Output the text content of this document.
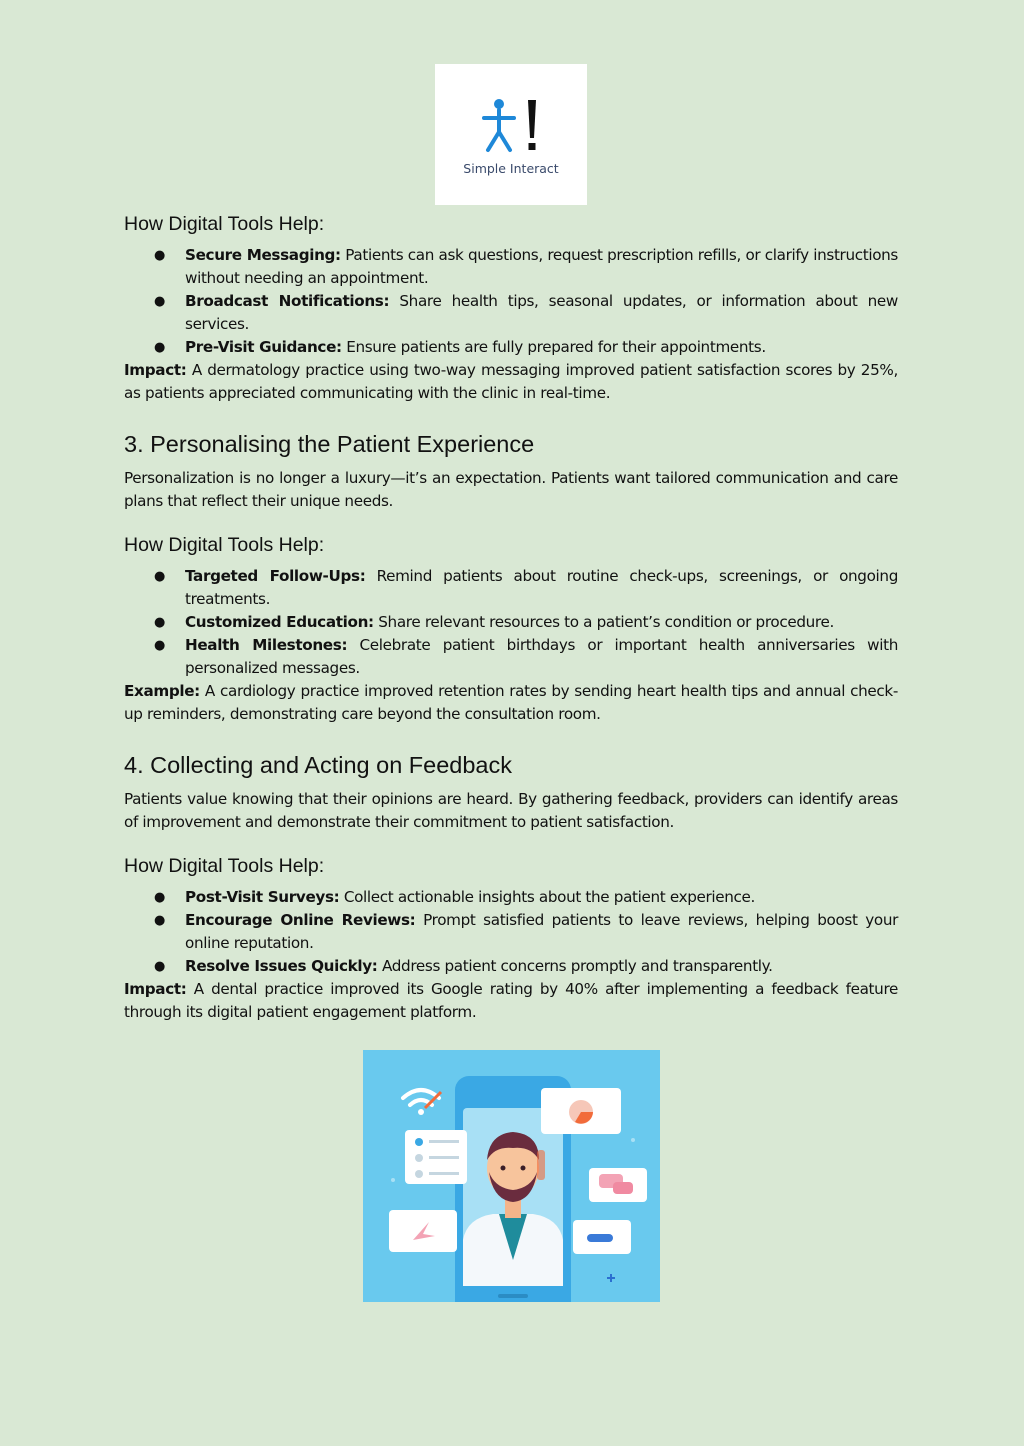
Simple Interact
How Digital Tools Help:
● Secure Messaging: Patients can ask questions, request prescription refills, or clarify instructions without needing an appointment.
● Broadcast Notifications: Share health tips, seasonal updates, or information about new services.
● Pre-Visit Guidance: Ensure patients are fully prepared for their appointments.

Impact: A dermatology practice using two-way messaging improved patient satisfaction scores by 25%, as patients appreciated communicating with the clinic in real-time.

3. Personalising the Patient Experience

Personalization is no longer a luxury—it’s an expectation. Patients want tailored communication and care plans that reflect their unique needs.

How Digital Tools Help:
● Targeted Follow-Ups: Remind patients about routine check-ups, screenings, or ongoing treatments.
● Customized Education: Share relevant resources to a patient’s condition or procedure.
● Health Milestones: Celebrate patient birthdays or important health anniversaries with personalized messages.

Example: A cardiology practice improved retention rates by sending heart health tips and annual check-up reminders, demonstrating care beyond the consultation room.

4. Collecting and Acting on Feedback

Patients value knowing that their opinions are heard. By gathering feedback, providers can identify areas of improvement and demonstrate their commitment to patient satisfaction.

How Digital Tools Help:
● Post-Visit Surveys: Collect actionable insights about the patient experience.
● Encourage Online Reviews: Prompt satisfied patients to leave reviews, helping boost your online reputation.
● Resolve Issues Quickly: Address patient concerns promptly and transparently.

Impact: A dental practice improved its Google rating by 40% after implementing a feedback feature through its digital patient engagement platform.
